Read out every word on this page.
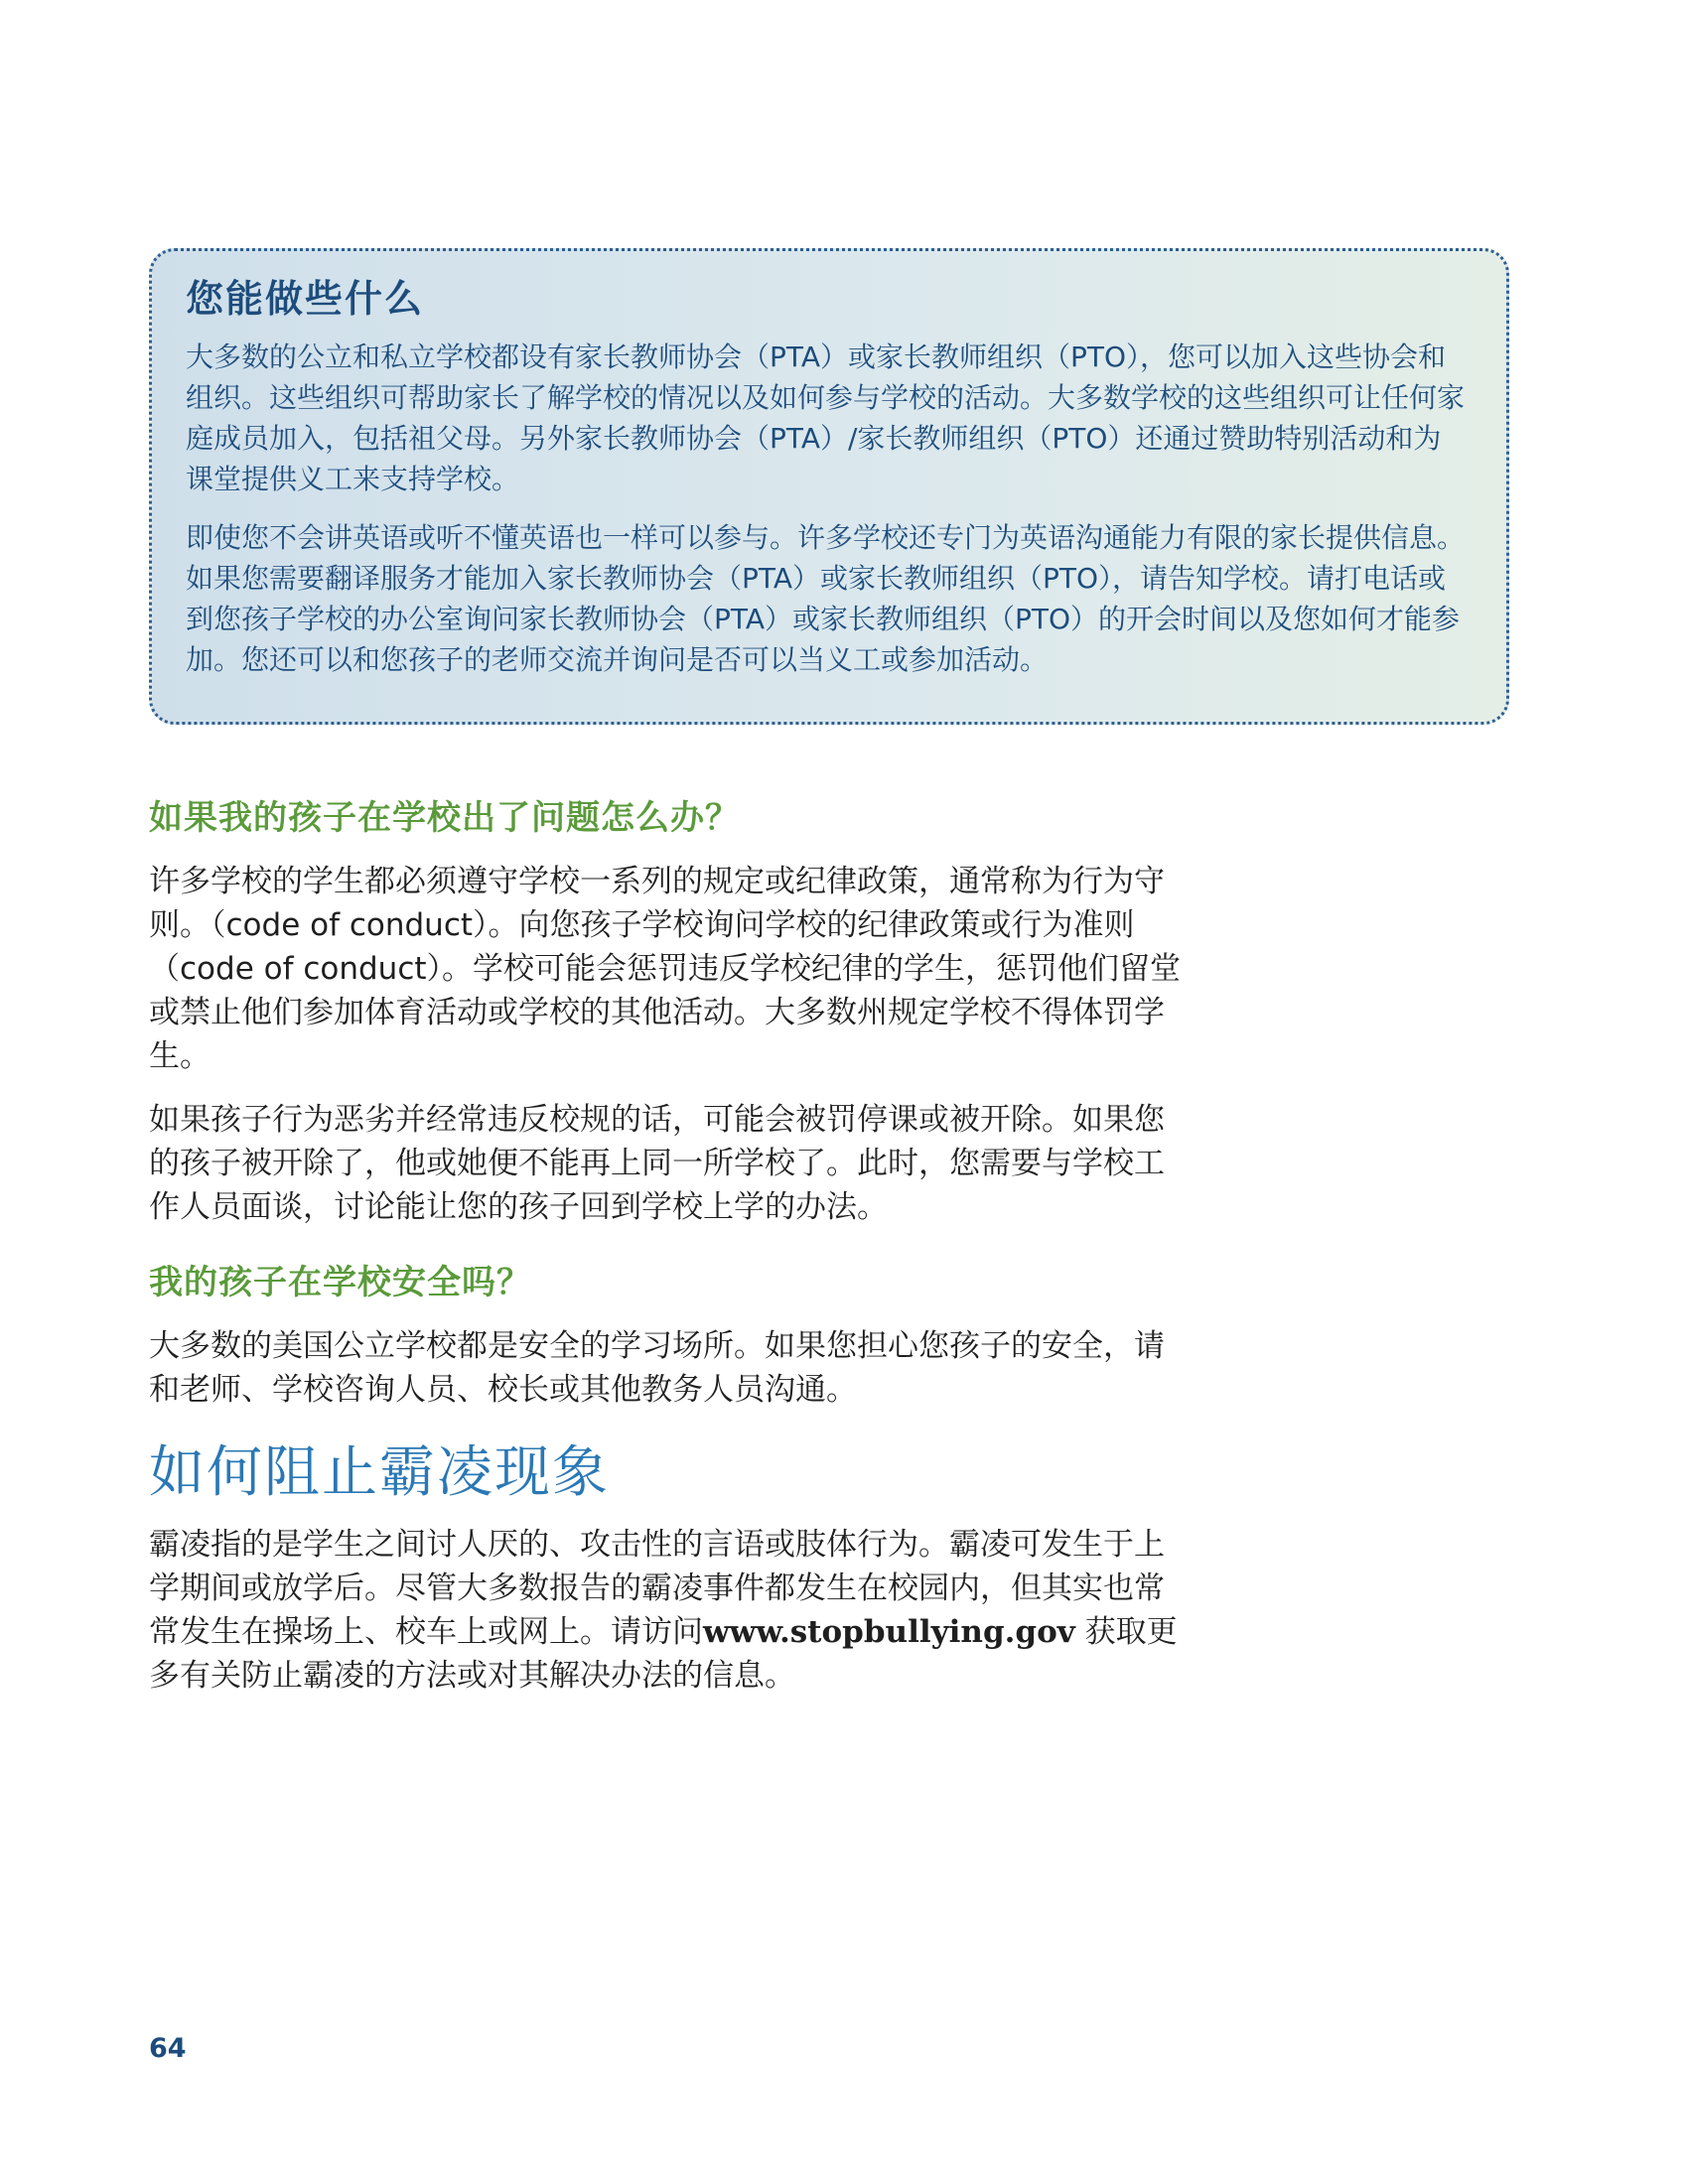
您能做些什么

大多数的公立和私立学校都设有家长教师协会（PTA）或家长教师组织（PTO），您可以加入这些协会和组织。这些组织可帮助家长了解学校的情况以及如何参与学校的活动。大多数学校的这些组织可让任何家庭成员加入，包括祖父母。另外家长教师协会（PTA）/家长教师组织（PTO）还通过赞助特别活动和为课堂提供义工来支持学校。

即使您不会讲英语或听不懂英语也一样可以参与。许多学校还专门为英语沟通能力有限的家长提供信息。如果您需要翻译服务才能加入家长教师协会（PTA）或家长教师组织（PTO），请告知学校。请打电话或到您孩子学校的办公室询问家长教师协会（PTA）或家长教师组织（PTO）的开会时间以及您如何才能参加。您还可以和您孩子的老师交流并询问是否可以当义工或参加活动。

如果我的孩子在学校出了问题怎么办？

许多学校的学生都必须遵守学校一系列的规定或纪律政策，通常称为行为守则。（code of conduct）。向您孩子学校询问学校的纪律政策或行为准则（code of conduct）。学校可能会惩罚违反学校纪律的学生，惩罚他们留堂或禁止他们参加体育活动或学校的其他活动。大多数州规定学校不得体罚学生。

如果孩子行为恶劣并经常违反校规的话，可能会被罚停课或被开除。如果您的孩子被开除了，他或她便不能再上同一所学校了。此时，您需要与学校工作人员面谈，讨论能让您的孩子回到学校上学的办法。

我的孩子在学校安全吗？

大多数的美国公立学校都是安全的学习场所。如果您担心您孩子的安全，请和老师、学校咨询人员、校长或其他教务人员沟通。

如何阻止霸凌现象

霸凌指的是学生之间讨人厌的、攻击性的言语或肢体行为。霸凌可发生于上学期间或放学后。尽管大多数报告的霸凌事件都发生在校园内，但其实也常常发生在操场上、校车上或网上。请访问www.stopbullying.gov 获取更多有关防止霸凌的方法或对其解决办法的信息。

64
